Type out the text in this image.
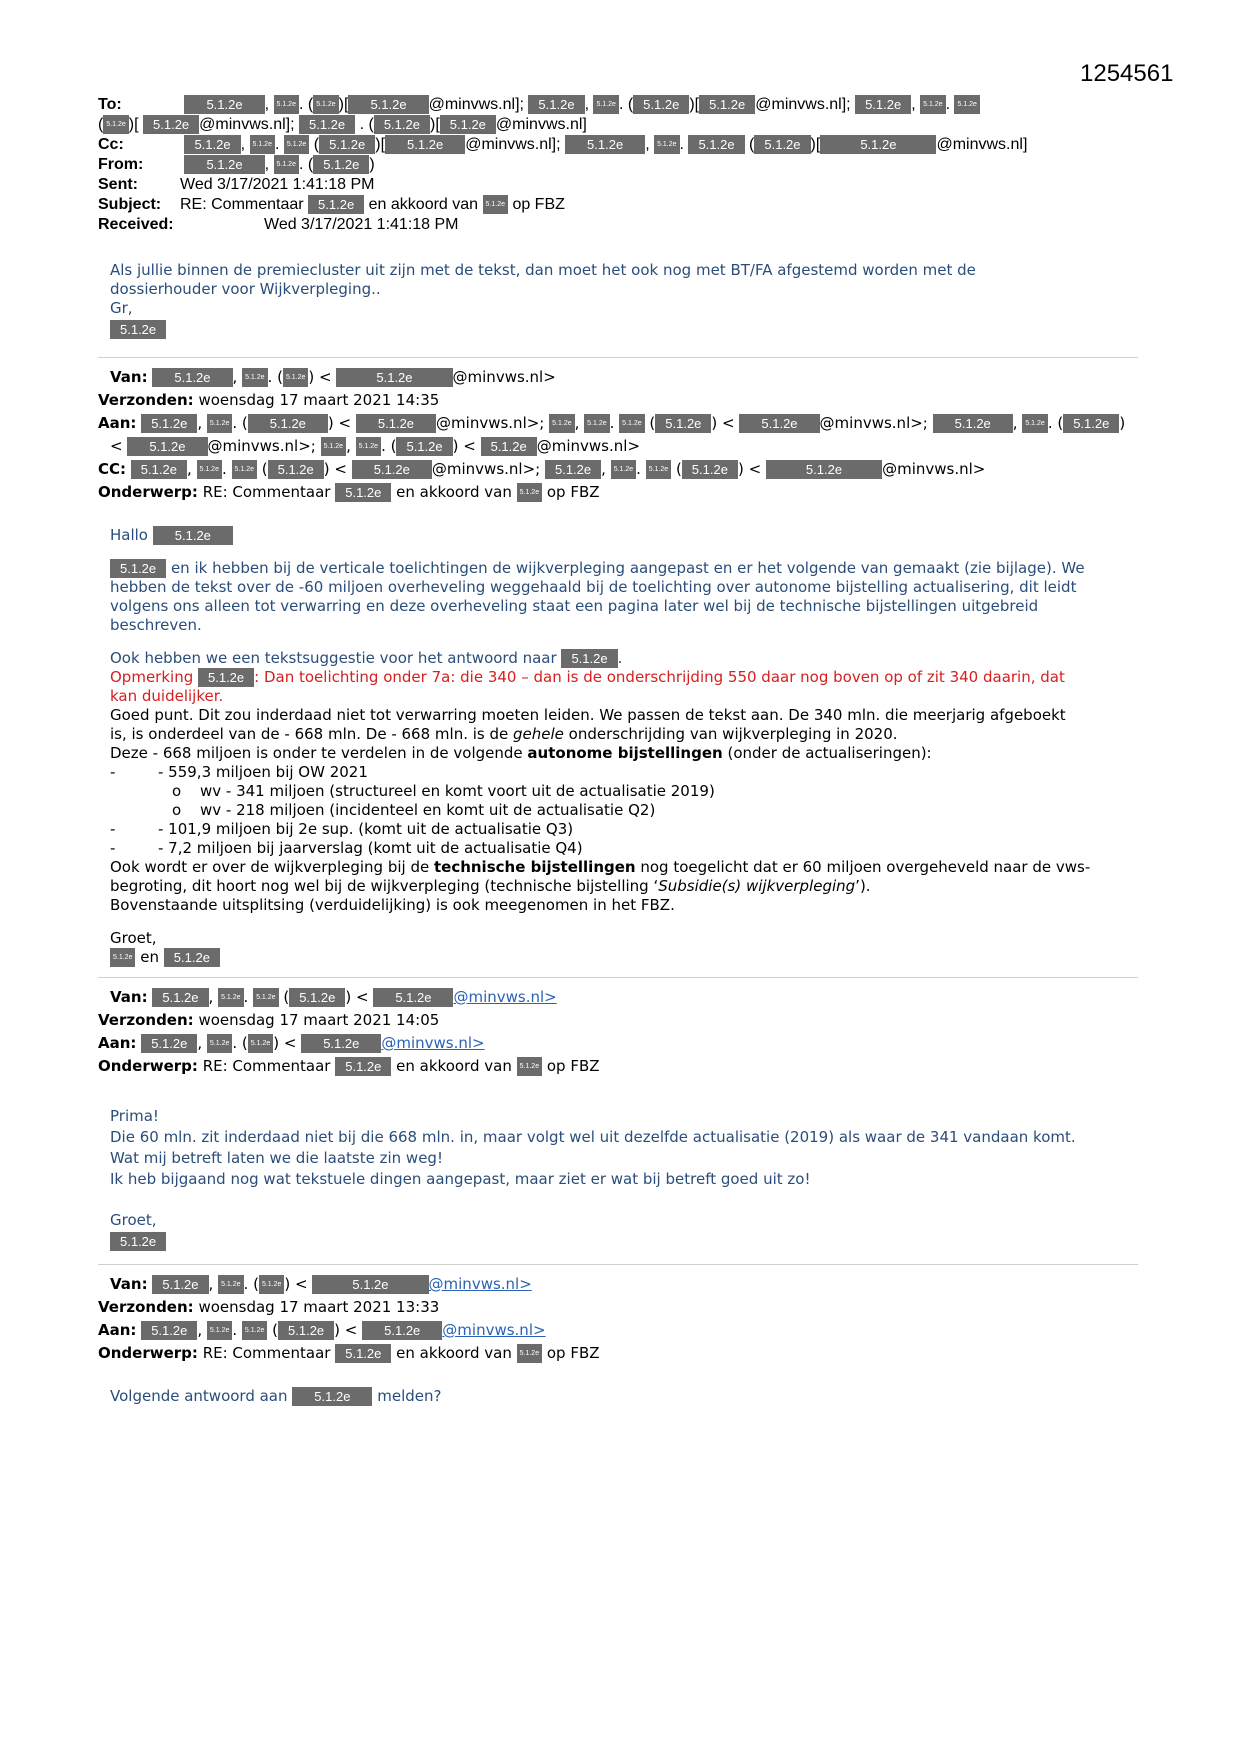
1254561
To:	5.1.2e , 5.1.2e . ( 5.1.2e )[ 5.1.2e @minvws.nl]; 5.1.2e , 5.1.2e . ( 5.1.2e )[ 5.1.2e @minvws.nl]; 5.1.2e , 5.1.2e . 5.1.2e
( 5.1.2e )[ 5.1.2e @minvws.nl]; 5.1.2e . ( 5.1.2e )[ 5.1.2e @minvws.nl]
Cc:	5.1.2e , 5.1.2e . 5.1.2e ( 5.1.2e )[ 5.1.2e @minvws.nl]; 5.1.2e , 5.1.2e . 5.1.2e ( 5.1.2e )[	5.1.2e	@minvws.nl]
From:	5.1.2e , 5.1.2e . ( 5.1.2e )
Sent:	Wed 3/17/2021 1:41:18 PM
Subject: RE: Commentaar 5.1.2e en akkoord van 5.1.2e op FBZ
Received:	Wed 3/17/2021 1:41:18 PM

Als jullie binnen de premiecluster uit zijn met de tekst, dan moet het ook nog met BT/FA afgestemd worden met de

dossierhouder voor Wijkverpleging..

Gr,

5.1.2e

Van: 5.1.2e , 5.1.2e . ( 5.1.2e ) <	5.1.2e	@minvws.nl>
Verzonden: woensdag 17 maart 2021 14:35
Aan: 5.1.2e , 5.1.2e . ( 5.1.2e ) < 5.1.2e @minvws.nl>; 5.1.2e , 5.1.2e . 5.1.2e ( 5.1.2e ) < 5.1.2e @minvws.nl>; 5.1.2e , 5.1.2e . ( 5.1.2e )
< 5.1.2e @minvws.nl>; 5.1.2e , 5.1.2e . ( 5.1.2e ) < 5.1.2e @minvws.nl>
CC: 5.1.2e , 5.1.2e . 5.1.2e ( 5.1.2e ) < 5.1.2e @minvws.nl>; 5.1.2e , 5.1.2e . 5.1.2e ( 5.1.2e ) <	5.1.2e	@minvws.nl>
Onderwerp: RE: Commentaar 5.1.2e en akkoord van 5.1.2e op FBZ

Hallo 5.1.2e

5.1.2e en ik hebben bij de verticale toelichtingen de wijkverpleging aangepast en er het volgende van gemaakt (zie bijlage). We

hebben de tekst over de -60 miljoen overheveling weggehaald bij de toelichting over autonome bijstelling actualisering, dit leidt

volgens ons alleen tot verwarring en deze overheveling staat een pagina later wel bij de technische bijstellingen uitgebreid

beschreven.

Ook hebben we een tekstsuggestie voor het antwoord naar 5.1.2e .

Opmerking 5.1.2e : Dan toelichting onder 7a: die 340 – dan is de onderschrijding 550 daar nog boven op of zit 340 daarin, dat

kan duidelijker.

Goed punt. Dit zou inderdaad niet tot verwarring moeten leiden. We passen de tekst aan. De 340 mln. die meerjarig afgeboekt

is, is onderdeel van de - 668 mln. De - 668 mln. is de gehele onderschrijding van wijkverpleging in 2020.

Deze - 668 miljoen is onder te verdelen in de volgende autonome bijstellingen (onder de actualiseringen):

-	- 559,3 miljoen bij OW 2021
o wv - 341 miljoen (structureel en komt voort uit de actualisatie 2019)
o wv - 218 miljoen (incidenteel en komt uit de actualisatie Q2)
-	- 101,9 miljoen bij 2e sup. (komt uit de actualisatie Q3)
-	- 7,2 miljoen bij jaarverslag (komt uit de actualisatie Q4)

Ook wordt er over de wijkverpleging bij de technische bijstellingen nog toegelicht dat er 60 miljoen overgeheveld naar de vws-

begroting, dit hoort nog wel bij de wijkverpleging (technische bijstelling ‘Subsidie(s) wijkverpleging’).

Bovenstaande uitsplitsing (verduidelijking) is ook meegenomen in het FBZ.

Groet,

5.1.2e en 5.1.2e

Van: 5.1.2e , 5.1.2e . 5.1.2e ( 5.1.2e ) < 5.1.2e @minvws.nl>
Verzonden: woensdag 17 maart 2021 14:05
Aan: 5.1.2e , 5.1.2e . ( 5.1.2e ) < 5.1.2e @minvws.nl>
Onderwerp: RE: Commentaar 5.1.2e en akkoord van 5.1.2e op FBZ

Prima!

Die 60 mln. zit inderdaad niet bij die 668 mln. in, maar volgt wel uit dezelfde actualisatie (2019) als waar de 341 vandaan komt.

Wat mij betreft laten we die laatste zin weg!

Ik heb bijgaand nog wat tekstuele dingen aangepast, maar ziet er wat bij betreft goed uit zo!

Groet,

5.1.2e

Van: 5.1.2e , 5.1.2e . ( 5.1.2e ) <	5.1.2e	@minvws.nl>
Verzonden: woensdag 17 maart 2021 13:33
Aan: 5.1.2e , 5.1.2e . 5.1.2e ( 5.1.2e ) < 5.1.2e @minvws.nl>
Onderwerp: RE: Commentaar 5.1.2e en akkoord van 5.1.2e op FBZ

Volgende antwoord aan 5.1.2e melden?
